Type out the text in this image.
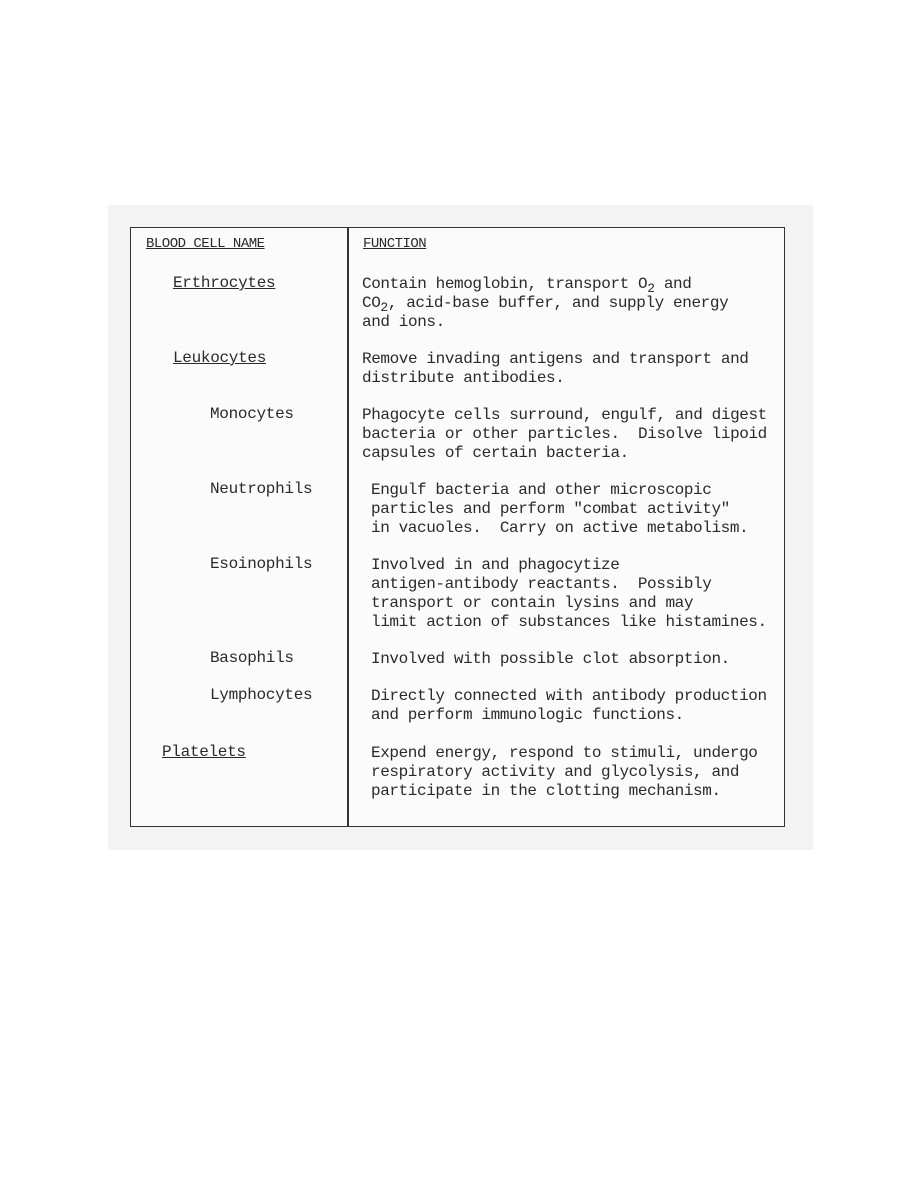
BLOOD CELL NAME	FUNCTION
Erthrocytes	Contain hemoglobin, transport $O_2$ and
$CO_2$, acid-base buffer, and supply energy
and ions.
Leukocytes	Remove invading antigens and transport and
distribute antibodies.
Monocytes	Phagocyte cells surround, engulf, and digest
bacteria or other particles.  Disolve lipoid
capsules of certain bacteria.
Neutrophils	Engulf bacteria and other microscopic
particles and perform "combat activity"
in vacuoles.  Carry on active metabolism.
Esoinophils	Involved in and phagocytize
antigen-antibody reactants.  Possibly
transport or contain lysins and may
limit action of substances like histamines.
Basophils	Involved with possible clot absorption.
Lymphocytes	Directly connected with antibody production
and perform immunologic functions.
Platelets	Expend energy, respond to stimuli, undergo
respiratory activity and glycolysis, and
participate in the clotting mechanism.
